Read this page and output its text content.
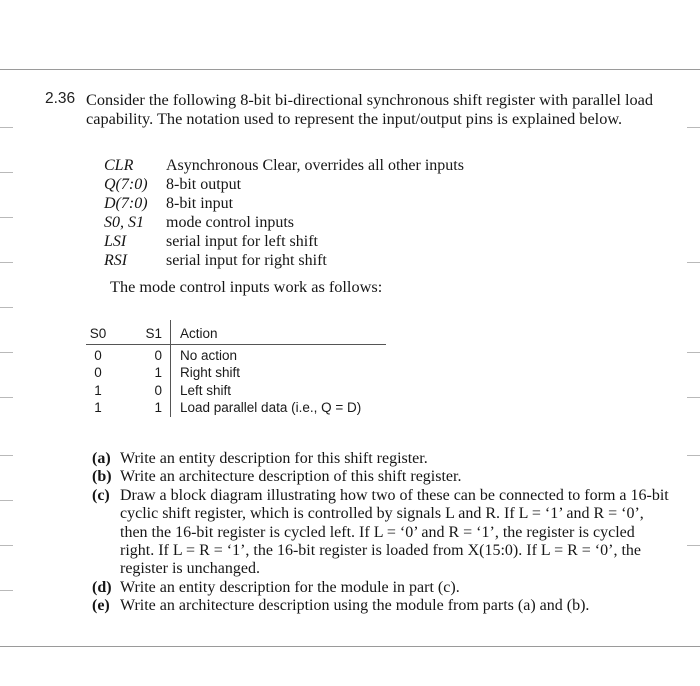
2.36 Consider the following 8-bit bi-directional synchronous shift register with parallel load capability. The notation used to represent the input/output pins is explained below.
CLR	Asynchronous Clear, overrides all other inputs
Q(7:0)	8-bit output
D(7:0)	8-bit input
S0, S1	mode control inputs
LSI	serial input for left shift
RSI	serial input for right shift
The mode control inputs work as follows:
S0	S1	Action
0	0	No action
0	1	Right shift
1	0	Left shift
1	1	Load parallel data (i.e., Q = D)
(a) Write an entity description for this shift register.
(b) Write an architecture description of this shift register.
(c) Draw a block diagram illustrating how two of these can be connected to form a 16-bit cyclic shift register, which is controlled by signals L and R. If L = ‘1’ and R = ‘0’, then the 16-bit register is cycled left. If L = ‘0’ and R = ‘1’, the register is cycled right. If L = R = ‘1’, the 16-bit register is loaded from X(15:0). If L = R = ‘0’, the register is unchanged.
(d) Write an entity description for the module in part (c).
(e) Write an architecture description using the module from parts (a) and (b).
